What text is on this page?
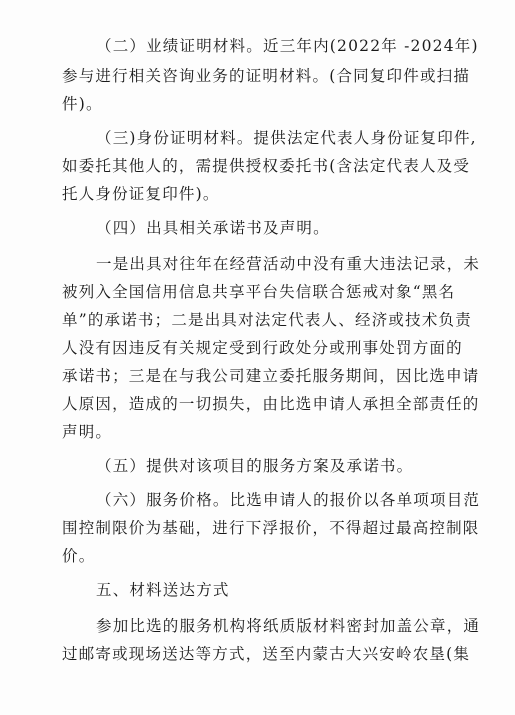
（二）业绩证明材料。近三年内(2022年 -2024年)
参与进行相关咨询业务的证明材料。(合同复印件或扫描
件)。
（三)身份证明材料。提供法定代表人身份证复印件,
如委托其他人的，需提供授权委托书(含法定代表人及受
托人身份证复印件)。
（四）出具相关承诺书及声明。
一是出具对往年在经营活动中没有重大违法记录，未
被列入全国信用信息共享平台失信联合惩戒对象“黑名
单”的承诺书；二是出具对法定代表人、经济或技术负责
人没有因违反有关规定受到行政处分或刑事处罚方面的
承诺书；三是在与我公司建立委托服务期间，因比选申请
人原因，造成的一切损失，由比选申请人承担全部责任的
声明。
（五）提供对该项目的服务方案及承诺书。
（六）服务价格。比选申请人的报价以各单项项目范
围控制限价为基础，进行下浮报价，不得超过最高控制限
价。
五、材料送达方式
参加比选的服务机构将纸质版材料密封加盖公章，通
过邮寄或现场送达等方式，送至内蒙古大兴安岭农垦(集
